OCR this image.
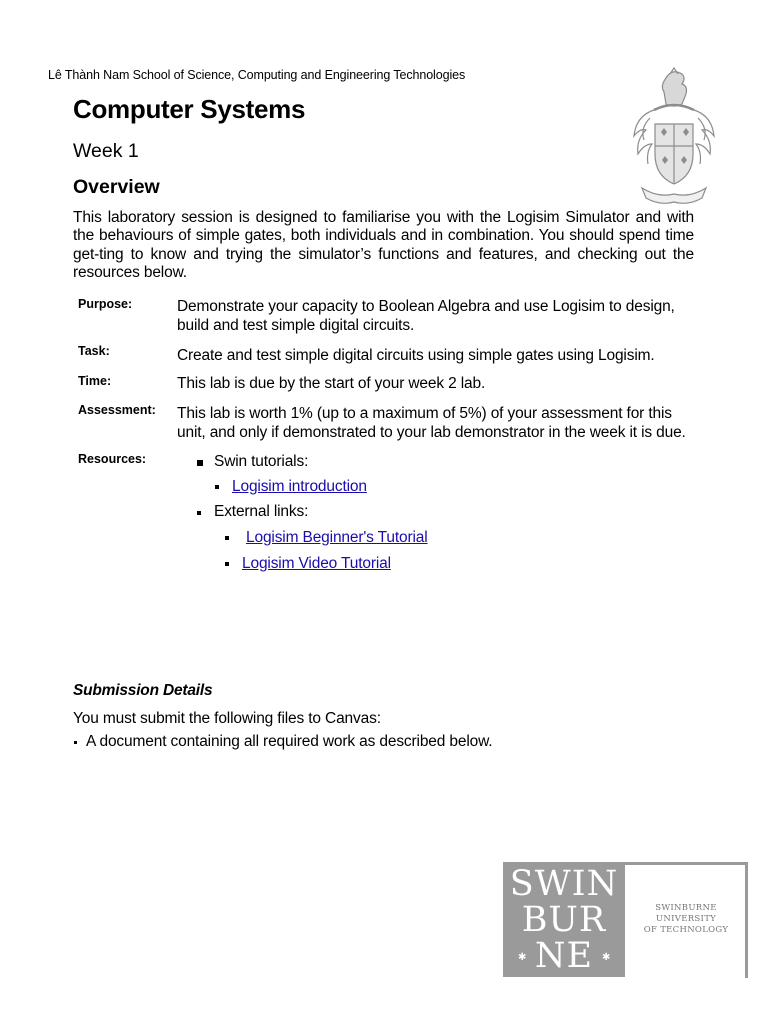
Lê Thành Nam School of Science, Computing and Engineering Technologies
Computer Systems
Week 1
Overview
This laboratory session is designed to familiarise you with the Logisim Simulator and with the behaviours of simple gates, both individuals and in combination. You should spend time get-ting to know and trying the simulator’s functions and features, and checking out the resources below.
Purpose:	Demonstrate your capacity to Boolean Algebra and use Logisim to design, build and test simple digital circuits.
Task:	Create and test simple digital circuits using simple gates using Logisim.
Time:	This lab is due by the start of your week 2 lab.
Assessment: This lab is worth 1% (up to a maximum of 5%) of your assessment for this unit, and only if demonstrated to your lab demonstrator in the week it is due.
Resources:	Swin tutorials:
Logisim introduction
External links:
Logisim Beginner's Tutorial
Logisim Video Tutorial
Submission Details
You must submit the following files to Canvas:
A document containing all required work as described below.
SWIN
BUR
NE
✱	✱
SWINBURNE UNIVERSITY
OF TECHNOLOGY
